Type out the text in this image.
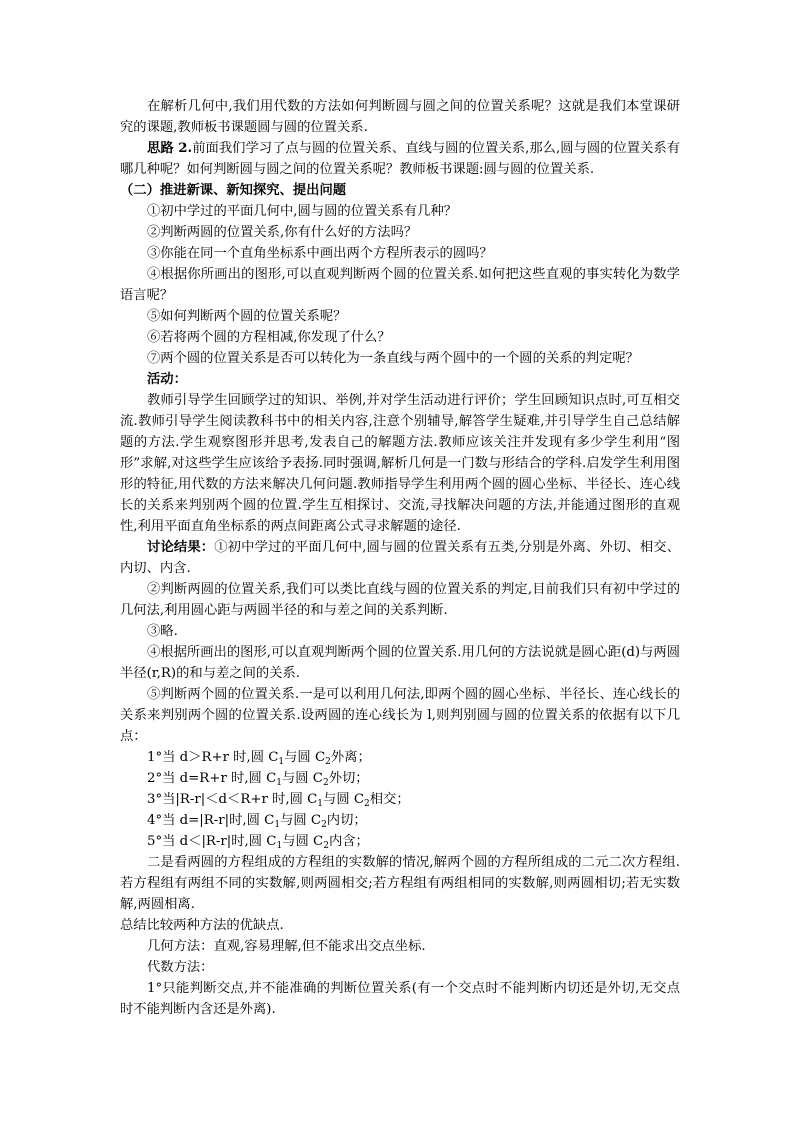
在解析几何中,我们用代数的方法如何判断圆与圆之间的位置关系呢？这就是我们本堂课研究的课题,教师板书课题圆与圆的位置关系.

思路 2.前面我们学习了点与圆的位置关系、直线与圆的位置关系,那么,圆与圆的位置关系有哪几种呢？如何判断圆与圆之间的位置关系呢？教师板书课题:圆与圆的位置关系.

（二）推进新课、新知探究、提出问题

①初中学过的平面几何中,圆与圆的位置关系有几种？

②判断两圆的位置关系,你有什么好的方法吗？

③你能在同一个直角坐标系中画出两个方程所表示的圆吗？

④根据你所画出的图形,可以直观判断两个圆的位置关系.如何把这些直观的事实转化为数学语言呢？

⑤如何判断两个圆的位置关系呢？

⑥若将两个圆的方程相减,你发现了什么？

⑦两个圆的位置关系是否可以转化为一条直线与两个圆中的一个圆的关系的判定呢？

活动：

教师引导学生回顾学过的知识、举例,并对学生活动进行评价；学生回顾知识点时,可互相交流.教师引导学生阅读教科书中的相关内容,注意个别辅导,解答学生疑难,并引导学生自己总结解题的方法.学生观察图形并思考,发表自己的解题方法.教师应该关注并发现有多少学生利用“图形”求解,对这些学生应该给予表扬.同时强调,解析几何是一门数与形结合的学科.启发学生利用图形的特征,用代数的方法来解决几何问题.教师指导学生利用两个圆的圆心坐标、半径长、连心线长的关系来判别两个圆的位置.学生互相探讨、交流,寻找解决问题的方法,并能通过图形的直观性,利用平面直角坐标系的两点间距离公式寻求解题的途径.

讨论结果：①初中学过的平面几何中,圆与圆的位置关系有五类,分别是外离、外切、相交、内切、内含.

②判断两圆的位置关系,我们可以类比直线与圆的位置关系的判定,目前我们只有初中学过的几何法,利用圆心距与两圆半径的和与差之间的关系判断.

③略.

④根据所画出的图形,可以直观判断两个圆的位置关系.用几何的方法说就是圆心距(d)与两圆半径(r,R)的和与差之间的关系.

⑤判断两个圆的位置关系.一是可以利用几何法,即两个圆的圆心坐标、半径长、连心线长的关系来判别两个圆的位置关系.设两圆的连心线长为 l,则判别圆与圆的位置关系的依据有以下几点：

1°当 d＞R+r 时,圆 $C_1$与圆 $C_2$外离；

2°当 d=R+r 时,圆 $C_1$与圆 $C_2$外切；

3°当|R-r|＜d＜R+r 时,圆 $C_1$与圆 $C_2$相交；

4°当 d=|R-r|时,圆 $C_1$与圆 $C_2$内切；

5°当 d＜|R-r|时,圆 $C_1$与圆 $C_2$内含；

二是看两圆的方程组成的方程组的实数解的情况,解两个圆的方程所组成的二元二次方程组.若方程组有两组不同的实数解,则两圆相交;若方程组有两组相同的实数解,则两圆相切;若无实数解,两圆相离.

总结比较两种方法的优缺点.

几何方法：直观,容易理解,但不能求出交点坐标.

代数方法：

1°只能判断交点,并不能准确的判断位置关系(有一个交点时不能判断内切还是外切,无交点时不能判断内含还是外离).
